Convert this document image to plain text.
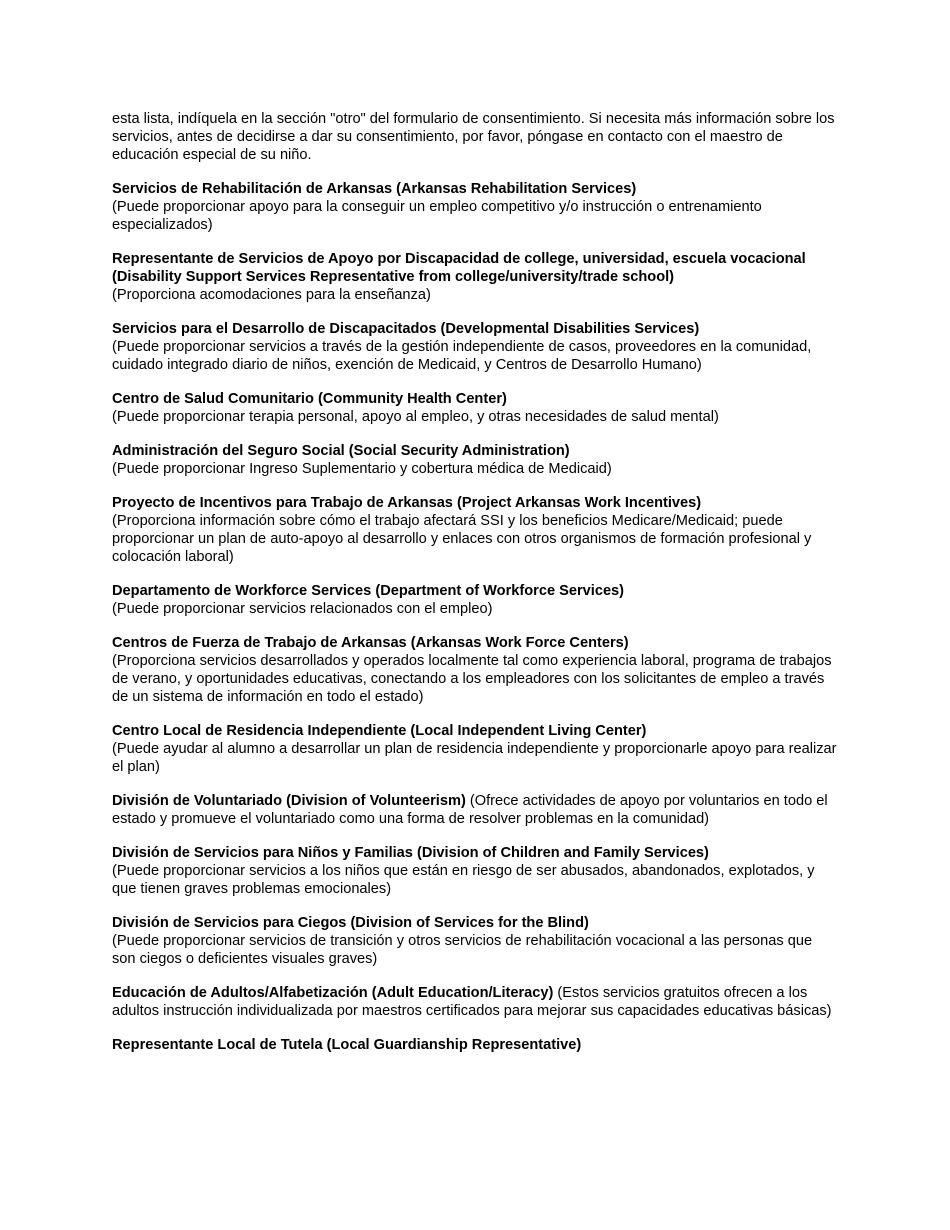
esta lista, indíquela en la sección "otro" del formulario de consentimiento. Si necesita más información sobre los servicios, antes de decidirse a dar su consentimiento, por favor, póngase en contacto con el maestro de educación especial de su niño.

Servicios de Rehabilitación de Arkansas (Arkansas Rehabilitation Services)
(Puede proporcionar apoyo para la conseguir un empleo competitivo y/o instrucción o entrenamiento especializados)
Representante de Servicios de Apoyo por Discapacidad de college, universidad, escuela vocacional (Disability Support Services Representative from college/university/trade school)
(Proporciona acomodaciones para la enseñanza)
Servicios para el Desarrollo de Discapacitados (Developmental Disabilities Services)
(Puede proporcionar servicios a través de la gestión independiente de casos, proveedores en la comunidad, cuidado integrado diario de niños, exención de Medicaid, y Centros de Desarrollo Humano)
Centro de Salud Comunitario (Community Health Center)
(Puede proporcionar terapia personal, apoyo al empleo, y otras necesidades de salud mental)
Administración del Seguro Social (Social Security Administration)
(Puede proporcionar Ingreso Suplementario y cobertura médica de Medicaid)
Proyecto de Incentivos para Trabajo de Arkansas (Project Arkansas Work Incentives)
(Proporciona información sobre cómo el trabajo afectará SSI y los beneficios Medicare/Medicaid; puede proporcionar un plan de auto-apoyo al desarrollo y enlaces con otros organismos de formación profesional y colocación laboral)
Departamento de Workforce Services (Department of Workforce Services)
(Puede proporcionar servicios relacionados con el empleo)
Centros de Fuerza de Trabajo de Arkansas (Arkansas Work Force Centers)
(Proporciona servicios desarrollados y operados localmente tal como experiencia laboral, programa de trabajos de verano, y oportunidades educativas, conectando a los empleadores con los solicitantes de empleo a través de un sistema de información en todo el estado)
Centro Local de Residencia Independiente (Local Independent Living Center)
(Puede ayudar al alumno a desarrollar un plan de residencia independiente y proporcionarle apoyo para realizar el plan)
División de Voluntariado (Division of Volunteerism) (Ofrece actividades de apoyo por voluntarios en todo el estado y promueve el voluntariado como una forma de resolver problemas en la comunidad)
División de Servicios para Niños y Familias (Division of Children and Family Services)
(Puede proporcionar servicios a los niños que están en riesgo de ser abusados, abandonados, explotados, y que tienen graves problemas emocionales)
División de Servicios para Ciegos (Division of Services for the Blind)
(Puede proporcionar servicios de transición y otros servicios de rehabilitación vocacional a las personas que son ciegos o deficientes visuales graves)
Educación de Adultos/Alfabetización (Adult Education/Literacy) (Estos servicios gratuitos ofrecen a los adultos instrucción individualizada por maestros certificados para mejorar sus capacidades educativas básicas)
Representante Local de Tutela (Local Guardianship Representative)
